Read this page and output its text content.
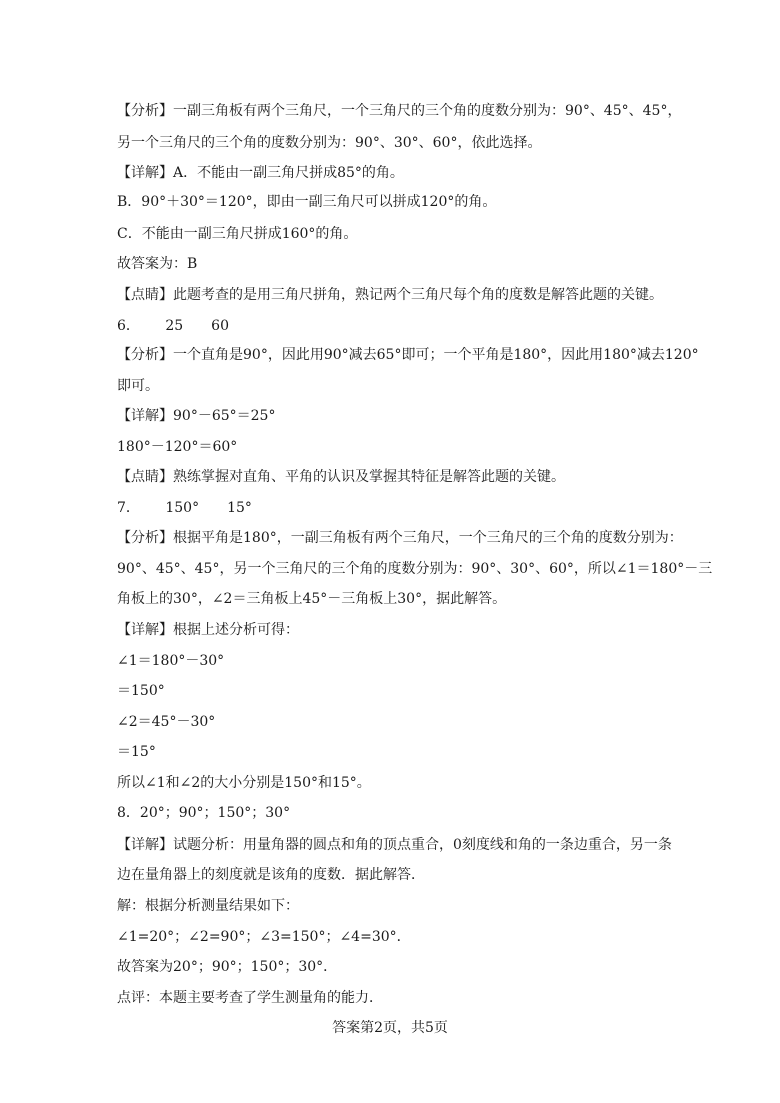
【分析】一副三角板有两个三角尺，一个三角尺的三个角的度数分别为：90°、45°、45°，
另一个三角尺的三个角的度数分别为：90°、30°、60°，依此选择。
【详解】A．不能由一副三角尺拼成85°的角。
B．90°＋30°＝120°，即由一副三角尺可以拼成120°的角。
C．不能由一副三角尺拼成160°的角。
故答案为：B
【点睛】此题考查的是用三角尺拼角，熟记两个三角尺每个角的度数是解答此题的关键。
6．　　 25　　60
【分析】一个直角是90°，因此用90°减去65°即可；一个平角是180°，因此用180°减去120°
即可。
【详解】90°－65°＝25°
180°－120°＝60°
【点睛】熟练掌握对直角、平角的认识及掌握其特征是解答此题的关键。
7．　　 150°　　15°
【分析】根据平角是180°，一副三角板有两个三角尺，一个三角尺的三个角的度数分别为：
90°、45°、45°，另一个三角尺的三个角的度数分别为：90°、30°、60°，所以∠1＝180°－三
角板上的30°，∠2＝三角板上45°－三角板上30°，据此解答。
【详解】根据上述分析可得：
∠1＝180°－30°
＝150°
∠2＝45°－30°
＝15°
所以∠1和∠2的大小分别是150°和15°。
8．20°；90°；150°；30°
【详解】试题分析：用量角器的圆点和角的顶点重合，0刻度线和角的一条边重合，另一条
边在量角器上的刻度就是该角的度数．据此解答．
解：根据分析测量结果如下：
∠1=20°；∠2=90°；∠3=150°；∠4=30°．
故答案为20°；90°；150°；30°．
点评：本题主要考查了学生测量角的能力．
答案第2页，共5页
